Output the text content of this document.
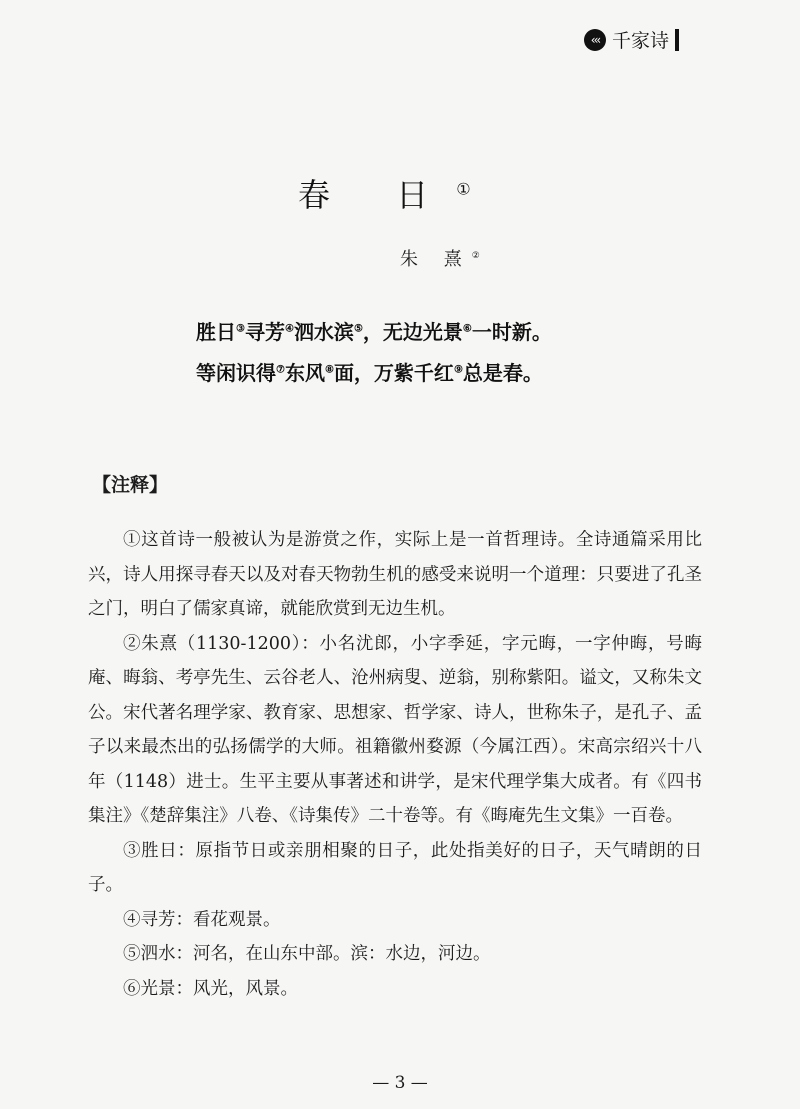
‹‹‹ 千家诗
春 日①
朱 熹②
胜日③寻芳④泗水滨⑤，无边光景⑥一时新。
等闲识得⑦东风⑧面，万紫千红⑨总是春。
【注释】

①这首诗一般被认为是游赏之作，实际上是一首哲理诗。全诗通篇采用比兴，诗人用探寻春天以及对春天物勃生机的感受来说明一个道理：只要进了孔圣之门，明白了儒家真谛，就能欣赏到无边生机。

②朱熹（1130-1200）：小名沋郎，小字季延，字元晦，一字仲晦，号晦庵、晦翁、考亭先生、云谷老人、沧州病叟、逆翁，别称紫阳。谥文，又称朱文公。宋代著名理学家、教育家、思想家、哲学家、诗人，世称朱子，是孔子、孟子以来最杰出的弘扬儒学的大师。祖籍徽州婺源（今属江西）。宋高宗绍兴十八年（1148）进士。生平主要从事著述和讲学，是宋代理学集大成者。有《四书集注》《楚辞集注》八卷、《诗集传》二十卷等。有《晦庵先生文集》一百卷。

③胜日：原指节日或亲朋相聚的日子，此处指美好的日子，天气晴朗的日子。

④寻芳：看花观景。

⑤泗水：河名，在山东中部。滨：水边，河边。

⑥光景：风光，风景。

— 3 —
